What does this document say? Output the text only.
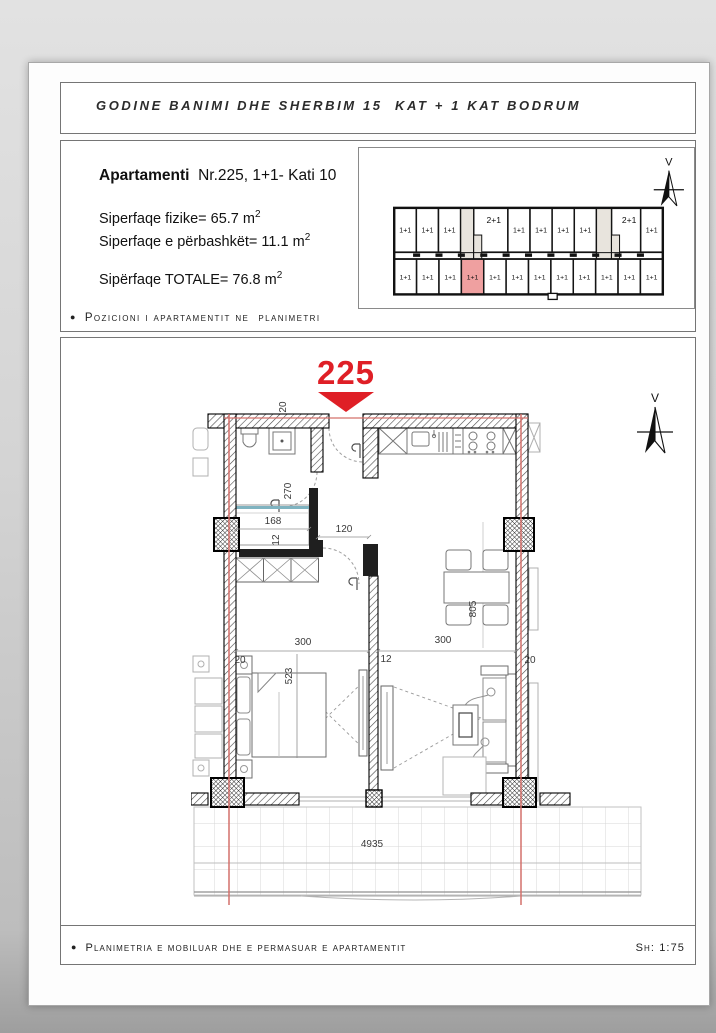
GODINE BANIMI DHE SHERBIM 15  KAT + 1 KAT BODRUM

Apartamenti Nr.225, 1+1- Kati 10

Siperfaqe fizike= 65.7 $m^2$

Siperfaqe e përbashkët= 11.1 $m^2$

Sipërfaqe TOTALE= 76.8 $m^2$

1+1 1+1 1+1
2+1
1+1 1+1 1+1 1+1
2+1
1+1
1+1 1+1 1+1 1+1 1+1 1+1 1+1 1+1 1+1 1+1 1+1 1+1
V
● Pozicioni i apartamentit ne  planimetri
225
4935
20
270
168
12
120
300	300
523
805
12
20	20
V
● Planimetria e mobiluar dhe e permasuar e apartamentit	Sh: 1:75
